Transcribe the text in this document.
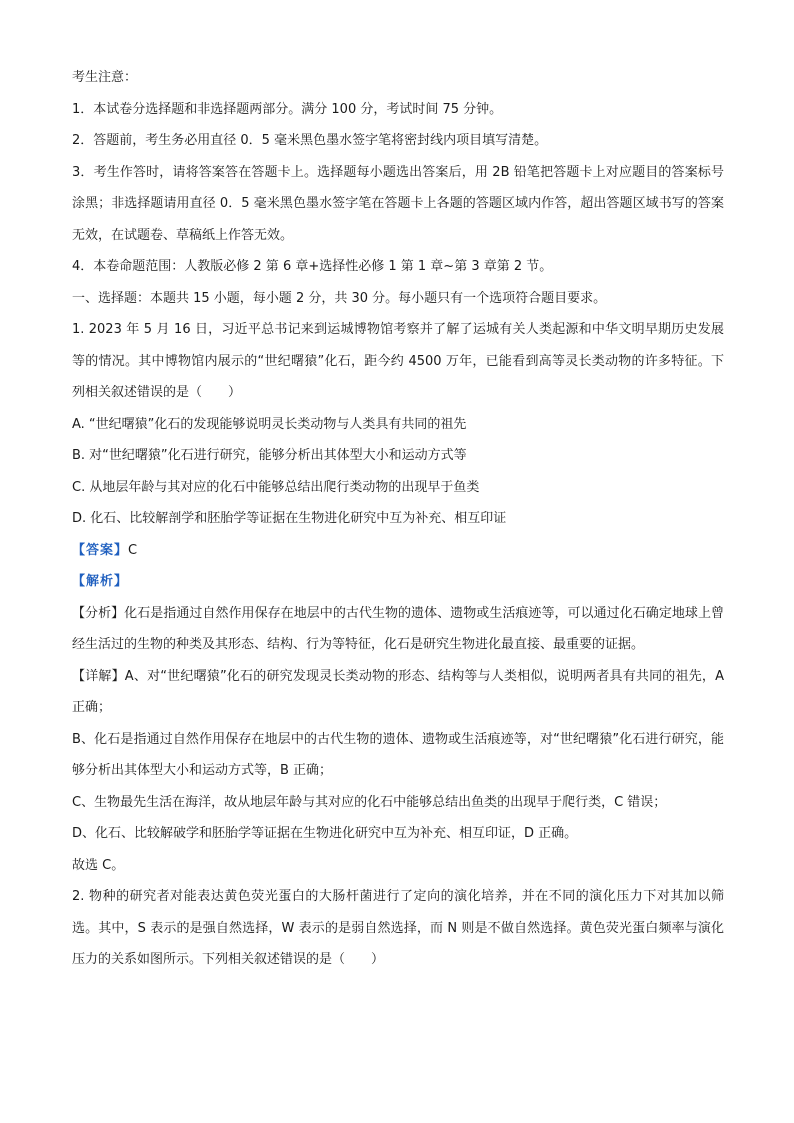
考生注意：

1．本试卷分选择题和非选择题两部分。满分 100 分，考试时间 75 分钟。

2．答题前，考生务必用直径 0．5 毫米黑色墨水签字笔将密封线内项目填写清楚。

3．考生作答时，请将答案答在答题卡上。选择题每小题选出答案后，用 2B 铅笔把答题卡上对应题目的答案标号涂黑；非选择题请用直径 0．5 毫米黑色墨水签字笔在答题卡上各题的答题区域内作答，超出答题区域书写的答案无效，在试题卷、草稿纸上作答无效。

4．本卷命题范围：人教版必修 2 第 6 章+选择性必修 1 第 1 章~第 3 章第 2 节。

一、选择题：本题共 15 小题，每小题 2 分，共 30 分。每小题只有一个选项符合题目要求。

1. 2023 年 5 月 16 日，习近平总书记来到运城博物馆考察并了解了运城有关人类起源和中华文明早期历史发展等的情况。其中博物馆内展示的“世纪曙猿”化石，距今约 4500 万年，已能看到高等灵长类动物的许多特征。下列相关叙述错误的是（　　）

A. “世纪曙猿”化石的发现能够说明灵长类动物与人类具有共同的祖先

B. 对“世纪曙猿”化石进行研究，能够分析出其体型大小和运动方式等

C. 从地层年龄与其对应的化石中能够总结出爬行类动物的出现早于鱼类

D. 化石、比较解剖学和胚胎学等证据在生物进化研究中互为补充、相互印证

【答案】C

【解析】

【分析】化石是指通过自然作用保存在地层中的古代生物的遗体、遗物或生活痕迹等，可以通过化石确定地球上曾经生活过的生物的种类及其形态、结构、行为等特征，化石是研究生物进化最直接、最重要的证据。

【详解】A、对“世纪曙猿”化石的研究发现灵长类动物的形态、结构等与人类相似，说明两者具有共同的祖先，A 正确；

B、化石是指通过自然作用保存在地层中的古代生物的遗体、遗物或生活痕迹等，对“世纪曙猿”化石进行研究，能够分析出其体型大小和运动方式等，B 正确；

C、生物最先生活在海洋，故从地层年龄与其对应的化石中能够总结出鱼类的出现早于爬行类，C 错误；

D、化石、比较解破学和胚胎学等证据在生物进化研究中互为补充、相互印证，D 正确。

故选 C。

2. 物种的研究者对能表达黄色荧光蛋白的大肠杆菌进行了定向的演化培养，并在不同的演化压力下对其加以筛选。其中，S 表示的是强自然选择，W 表示的是弱自然选择，而 N 则是不做自然选择。黄色荧光蛋白频率与演化压力的关系如图所示。下列相关叙述错误的是（　　）
